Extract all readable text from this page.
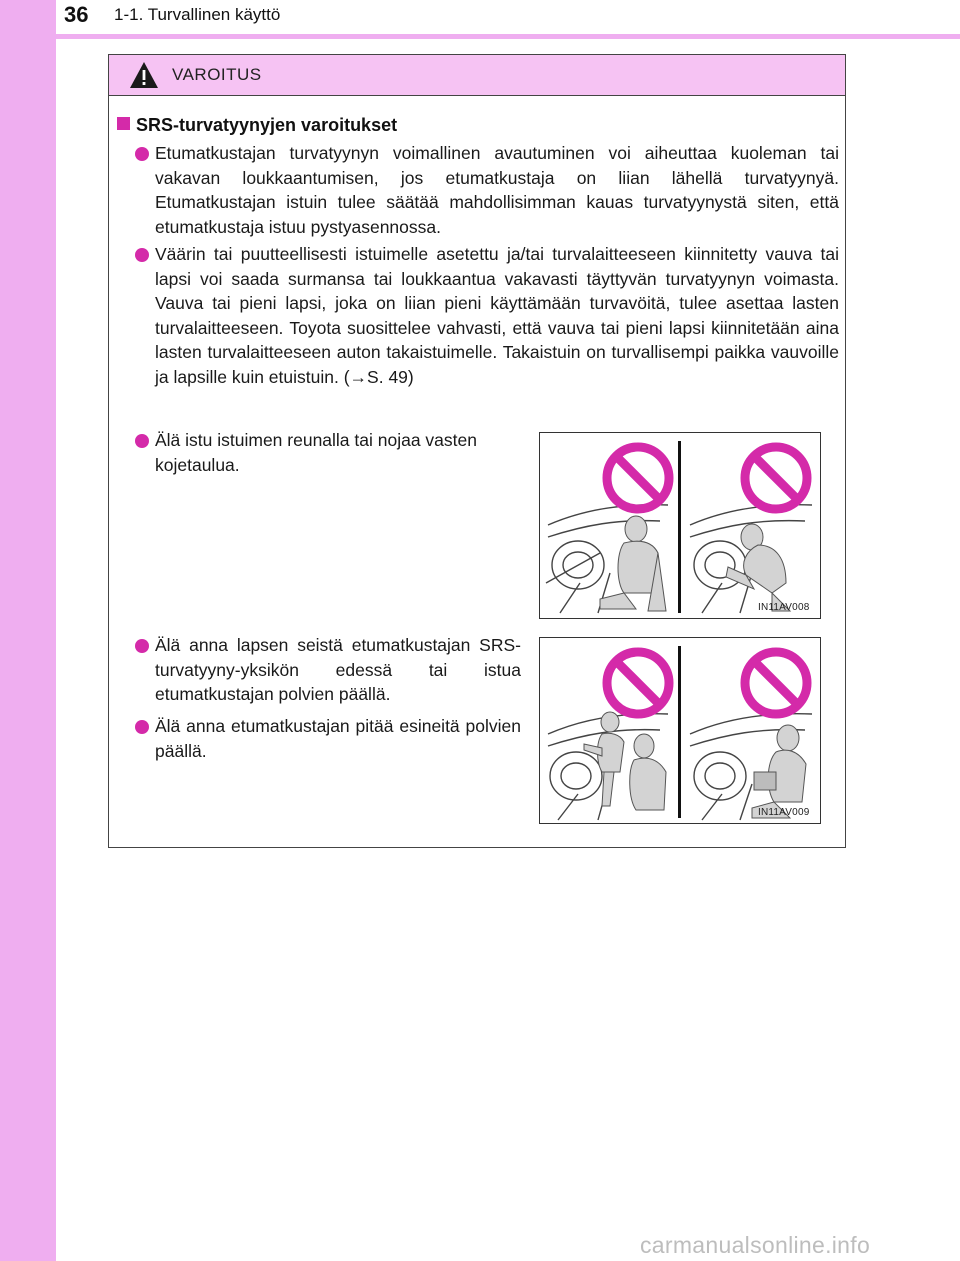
36 1-1. Turvallinen käyttö
VAROITUS
SRS-turvatyynyjen varoitukset
Etumatkustajan turvatyynyn voimallinen avautuminen voi aiheuttaa kuoleman tai vakavan loukkaantumisen, jos etumatkustaja on liian lähellä turvatyynyä. Etumatkustajan istuin tulee säätää mahdollisimman kauas turvatyynystä siten, että etumatkustaja istuu pystyasennossa.
Väärin tai puutteellisesti istuimelle asetettu ja/tai turvalaitteeseen kiinnitetty vauva tai lapsi voi saada surmansa tai loukkaantua vakavasti täyttyvän turvatyynyn voimasta. Vauva tai pieni lapsi, joka on liian pieni käyttämään turvavöitä, tulee asettaa lasten turvalaitteeseen. Toyota suosittelee vahvasti, että vauva tai pieni lapsi kiinnitetään aina lasten turvalaitteeseen auton takaistuimelle. Takaistuin on turvallisempi paikka vauvoille ja lapsille kuin etuistuin. (→S. 49)
Älä istu istuimen reunalla tai nojaa vasten kojetaulua.
Älä anna lapsen seistä etumatkustajan SRS-turvatyyny-yksikön edessä tai istua etumatkustajan polvien päällä.
Älä anna etumatkustajan pitää esineitä polvien päällä.
IN11AV008
IN11AV009
carmanualsonline.info
